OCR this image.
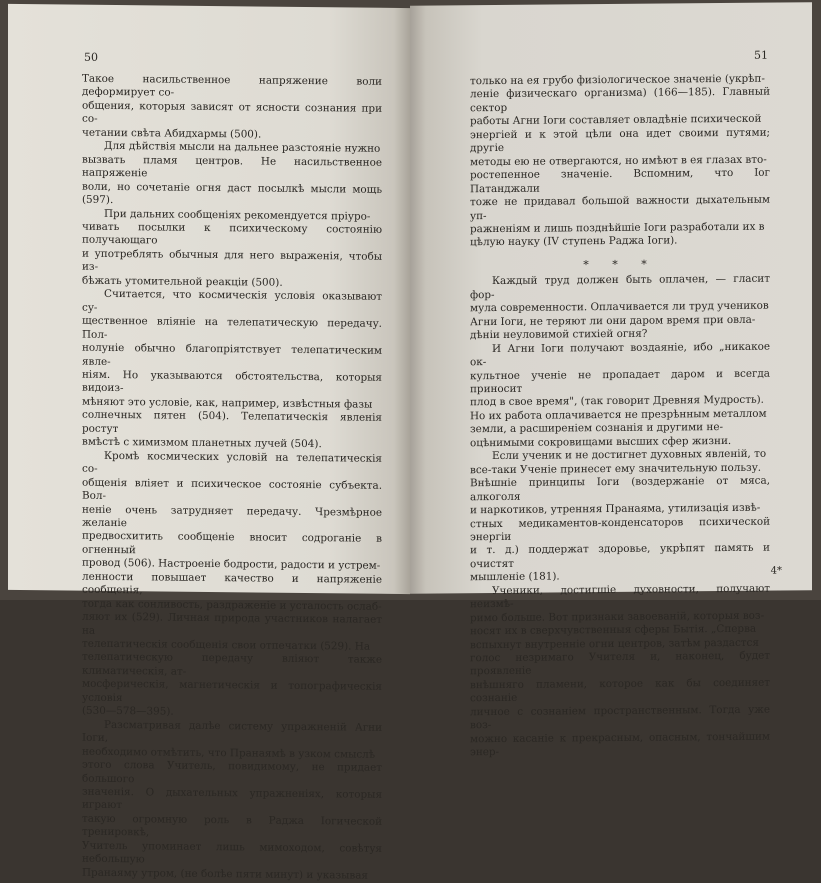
50

Такое насильственное напряжение воли деформирует со-
общения, которыя зависят от ясности сознания при со-
четании свѣта Абидхармы (500).

Для дѣйствія мысли на дальнее разстояніе нужно
вызвать пламя центров. Не насильственное напряженіе
воли, но сочетаніе огня даст посылкѣ мысли мощь (597).

При дальних сообщеніях рекомендуется пріуро-
чивать посылки к психическому состоянію получающаго
и употреблять обычныя для него выраженія, чтобы из-
бѣжать утомительной реакціи (500).

Считается, что космическія условія оказывают су-
щественное вліяніе на телепатическую передачу. Пол-
нолуніе обычно благопріятствует телепатическим явле-
ніям. Но указываются обстоятельства, которыя видоиз-
мѣняют это условіе, как, например, извѣстныя фазы
солнечных пятен (504). Телепатическія явленія ростут
вмѣстѣ с химизмом планетных лучей (504).

Кромѣ космических условій на телепатическія со-
общенія вліяет и психическое состояніе субъекта. Вол-
неніе очень затрудняет передачу. Чрезмѣрное желаніе
предвосхитить сообщеніе вносит содроганіе в огненный
провод (506). Настроеніе бодрости, радости и устрем-
ленности повышает качество и напряженіе сообщенія,
тогда как сонливость, раздраженіе и усталость ослаб-
ляют их (529). Личная природа участников налагает на
телепатическія сообщенія свои отпечатки (529). На
телепатическую передачу вліяют также климатическія, ат-
мосферическія, магнетическія и топографическія условія
(530—578—395).

Разсматривая далѣе систему упражненій Агни Іоги,
необходимо отмѣтить, что Пранаямѣ в узком смыслѣ
этого слова Учитель, повидимому, не придает большого
значенія. О дыхательных упражненіях, которыя играют
такую огромную роль в Раджа Іогической тренировкѣ,
Учитель упоминает лишь мимоходом, совѣтуя небольшую
Пранаяму утром, (не болѣе пяти минут) и указывая

51

только на ея грубо физіологическое значеніе (укрѣп-
леніе физическаго организма) (166—185). Главный сектор
работы Агни Іоги составляет овладѣніе психической
энергіей и к этой цѣли она идет своими путями; другіе
методы ею не отвергаются, но имѣют в ея глазах вто-
ростепенное значеніе. Вспомним, что Іог Патанджали
тоже не придавал большой важности дыхательным уп-
ражненіям и лишь позднѣйшіе Іоги разработали их в
цѣлую науку (IV ступень Раджа Іоги).

* * *

Каждый труд должен быть оплачен, — гласит фор-
мула современности. Оплачивается ли труд учеников
Агни Іоги, не теряют ли они даром время при овла-
дѣніи неуловимой стихіей огня?

И Агни Іоги получают воздаяніе, ибо „никакое ок-
культное ученіе не пропадает даром и всегда приносит
плод в свое время", (так говорит Древняя Мудрость).
Но их работа оплачивается не презрѣнным металлом
земли, а расширеніем сознанія и другими не-
оцѣнимыми сокровищами высших сфер жизни.

Если ученик и не достигнет духовных явленій, то
все-таки Ученіе принесет ему значительную пользу.
Внѣшніе принципы Іоги (воздержаніе от мяса, алкоголя
и наркотиков, утренняя Пранаяма, утилизація извѣ-
стных медикаментов-конденсаторов психической энергіи
и т. д.) поддержат здоровье, укрѣпят память и очистят
мышленіе (181).

Ученики, достигшіе духовности, получают неизмѣ-
римо больше. Вот признаки завоеваній, которыя воз-
носят их в сверхчувственныя сферы Бытія. „Сперва
вспыхнут внутренніе огни центров, затѣм раздастся
голос незримаго Учителя и, наконец, будет проявленіе
внѣшняго пламени, которое как бы соединяет сознаніе
личное с сознаніем пространственным. Тогда уже воз-
можно касаніе к прекрасным, опасным, тончайшим энер-

4*
